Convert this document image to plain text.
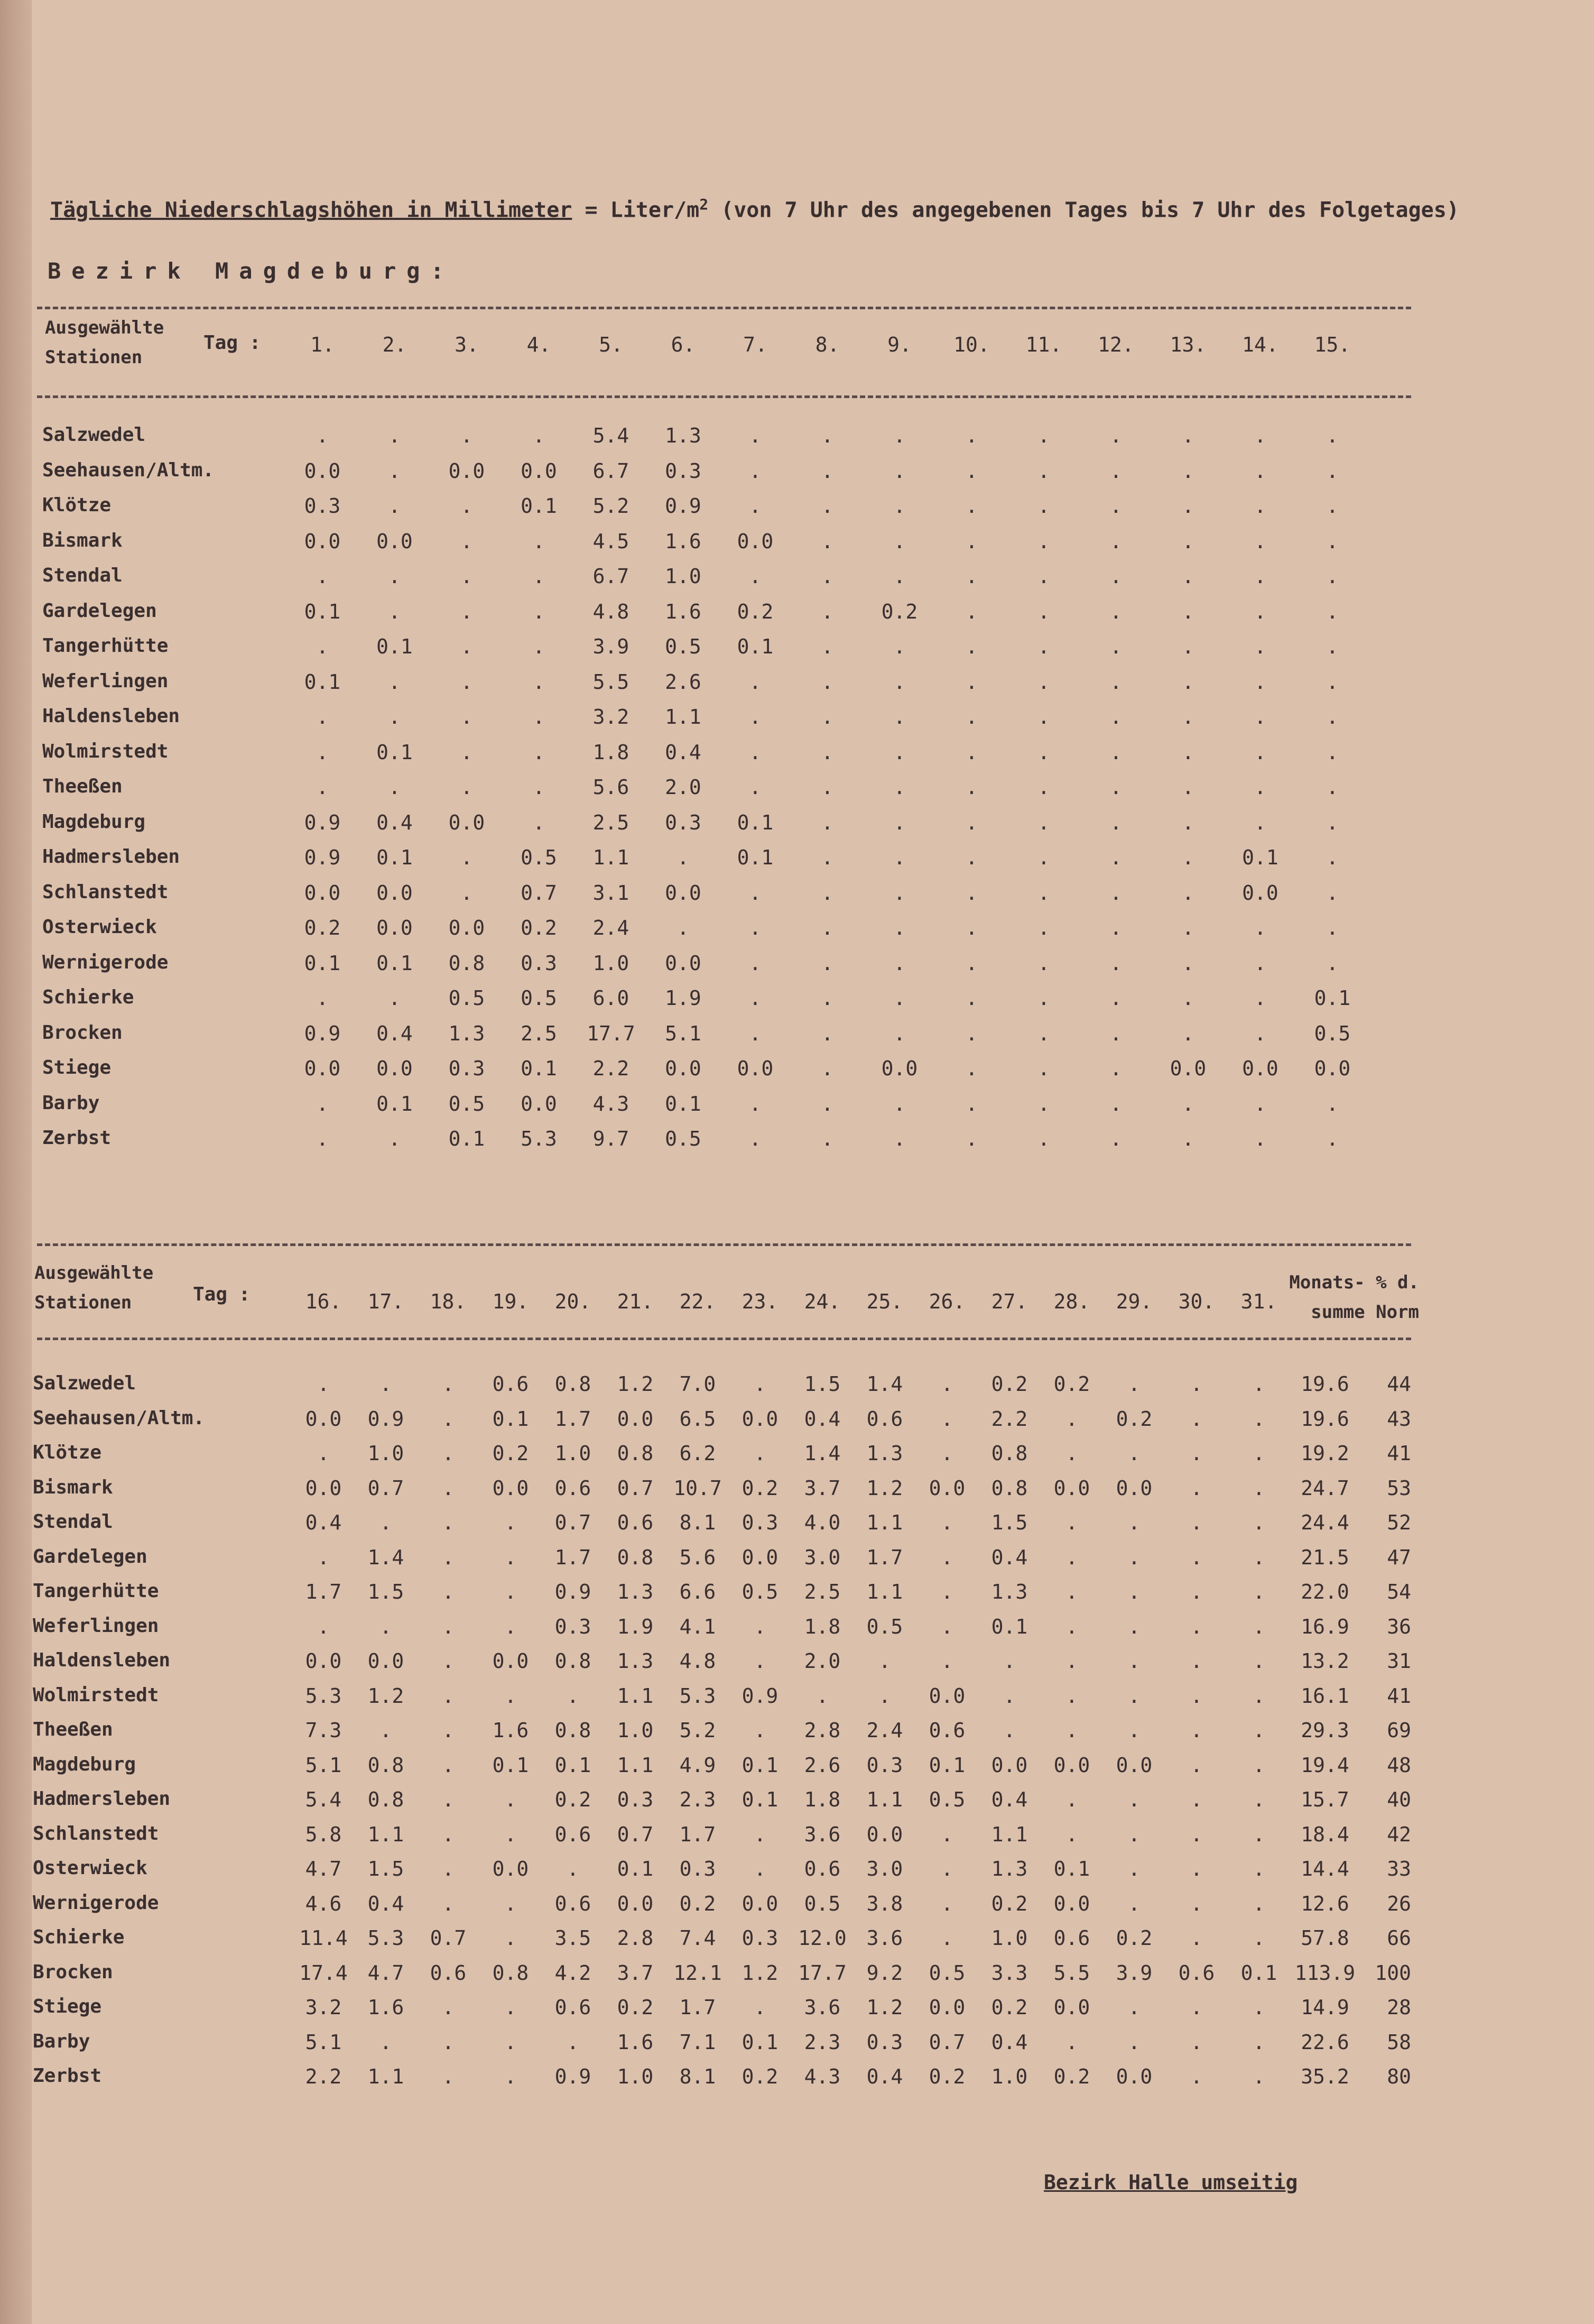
Tägliche Niederschlagshöhen in Millimeter = Liter/$m^2$ (von 7 Uhr des angegebenen Tages bis 7 Uhr des Folgetages)
Bezirk Magdeburg:
Ausgewählte
Stationen
Tag :
Ausgewählte
Stationen	Tag :
Monats- % d.
summe Norm
Bezirk Halle umseitig
1.	2.	3.	4.	5.	6.	7.	8.	9.	10.	11.	12.	13.	14.	15.
Salzwedel	.	.	.	.	5.4	1.3	.	.	.	.	.	.	.	.	.
Seehausen/Altm.	0.0	.	0.0	0.0	6.7	0.3	.	.	.	.	.	.	.	.	.
Klötze	0.3	.	.	0.1	5.2	0.9	.	.	.	.	.	.	.	.	.
Bismark	0.0	0.0	.	.	4.5	1.6	0.0	.	.	.	.	.	.	.	.
Stendal	.	.	.	.	6.7	1.0	.	.	.	.	.	.	.	.	.
Gardelegen	0.1	.	.	.	4.8	1.6	0.2	.	0.2	.	.	.	.	.	.
Tangerhütte	.	0.1	.	.	3.9	0.5	0.1	.	.	.	.	.	.	.	.
Weferlingen	0.1	.	.	.	5.5	2.6	.	.	.	.	.	.	.	.	.
Haldensleben	.	.	.	.	3.2	1.1	.	.	.	.	.	.	.	.	.
Wolmirstedt	.	0.1	.	.	1.8	0.4	.	.	.	.	.	.	.	.	.
Theeßen	.	.	.	.	5.6	2.0	.	.	.	.	.	.	.	.	.
Magdeburg	0.9	0.4	0.0	.	2.5	0.3	0.1	.	.	.	.	.	.	.	.
Hadmersleben	0.9	0.1	.	0.5	1.1	.	0.1	.	.	.	.	.	.	0.1	.
Schlanstedt	0.0	0.0	.	0.7	3.1	0.0	.	.	.	.	.	.	.	0.0	.
Osterwieck	0.2	0.0	0.0	0.2	2.4	.	.	.	.	.	.	.	.	.	.
Wernigerode	0.1	0.1	0.8	0.3	1.0	0.0	.	.	.	.	.	.	.	.	.
Schierke	.	.	0.5	0.5	6.0	1.9	.	.	.	.	.	.	.	.	0.1
Brocken	0.9	0.4	1.3	2.5	17.7	5.1	.	.	.	.	.	.	.	.	0.5
Stiege	0.0	0.0	0.3	0.1	2.2	0.0	0.0	.	0.0	.	.	.	0.0	0.0	0.0
Barby	.	0.1	0.5	0.0	4.3	0.1	.	.	.	.	.	.	.	.	.
Zerbst	.	.	0.1	5.3	9.7	0.5	.	.	.	.	.	.	.	.	.
16.	17.	18.	19.	20.	21.	22.	23.	24.	25.	26.	27.	28.	29.	30.	31.
Salzwedel	.	.	.	0.6	0.8	1.2	7.0	.	1.5	1.4	.	0.2	0.2	.	.	.	19.6	44
Seehausen/Altm.	0.0	0.9	.	0.1	1.7	0.0	6.5	0.0	0.4	0.6	.	2.2	.	0.2	.	.	19.6	43
Klötze	.	1.0	.	0.2	1.0	0.8	6.2	.	1.4	1.3	.	0.8	.	.	.	.	19.2	41
Bismark	0.0	0.7	.	0.0	0.6	0.7 10.7 0.2	3.7	1.2	0.0	0.8	0.0	0.0	.	.	24.7	53
Stendal	0.4	.	.	.	0.7	0.6	8.1	0.3	4.0	1.1	.	1.5	.	.	.	.	24.4	52
Gardelegen	.	1.4	.	.	1.7	0.8	5.6	0.0	3.0	1.7	.	0.4	.	.	.	.	21.5	47
Tangerhütte	1.7	1.5	.	.	0.9	1.3	6.6	0.5	2.5	1.1	.	1.3	.	.	.	.	22.0	54
Weferlingen	.	.	.	.	0.3	1.9	4.1	.	1.8	0.5	.	0.1	.	.	.	.	16.9	36
Haldensleben	0.0	0.0	.	0.0	0.8	1.3	4.8	.	2.0	.	.	.	.	.	.	.	13.2	31
Wolmirstedt	5.3	1.2	.	.	.	1.1	5.3	0.9	.	.	0.0	.	.	.	.	.	16.1	41
Theeßen	7.3	.	.	1.6	0.8	1.0	5.2	.	2.8	2.4	0.6	.	.	.	.	.	29.3	69
Magdeburg	5.1	0.8	.	0.1	0.1	1.1	4.9	0.1	2.6	0.3	0.1	0.0	0.0	0.0	.	.	19.4	48
Hadmersleben	5.4	0.8	.	.	0.2	0.3	2.3	0.1	1.8	1.1	0.5	0.4	.	.	.	.	15.7	40
Schlanstedt	5.8	1.1	.	.	0.6	0.7	1.7	.	3.6	0.0	.	1.1	.	.	.	.	18.4	42
Osterwieck	4.7	1.5	.	0.0	.	0.1	0.3	.	0.6	3.0	.	1.3	0.1	.	.	.	14.4	33
Wernigerode	4.6	0.4	.	.	0.6	0.0	0.2	0.0	0.5	3.8	.	0.2	0.0	.	.	.	12.6	26
Schierke	11.4 5.3	0.7	.	3.5	2.8	7.4	0.3 12.0 3.6	.	1.0	0.6	0.2	.	.	57.8	66
Brocken	17.4 4.7	0.6	0.8	4.2	3.7 12.1 1.2 17.7 9.2	0.5	3.3	5.5	3.9	0.6	0.1 113.9 100
Stiege	3.2	1.6	.	.	0.6	0.2	1.7	.	3.6	1.2	0.0	0.2	0.0	.	.	.	14.9	28
Barby	5.1	.	.	.	.	1.6	7.1	0.1	2.3	0.3	0.7	0.4	.	.	.	.	22.6	58
Zerbst	2.2	1.1	.	.	0.9	1.0	8.1	0.2	4.3	0.4	0.2	1.0	0.2	0.0	.	.	35.2	80
